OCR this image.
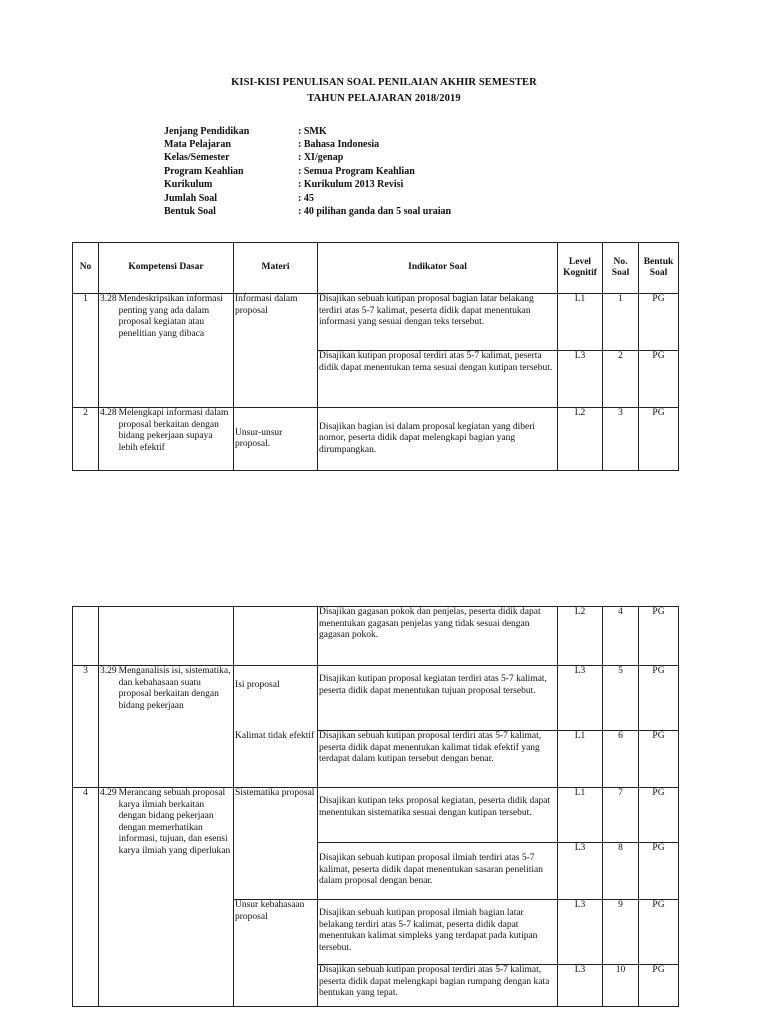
KISI-KISI PENULISAN SOAL PENILAIAN AKHIR SEMESTER
TAHUN PELAJARAN 2018/2019
Jenjang Pendidikan	: SMK
Mata Pelajaran	: Bahasa Indonesia
Kelas/Semester	: XI/genap
Program Keahlian	: Semua Program Keahlian
Kurikulum	: Kurikulum 2013 Revisi
Jumlah Soal	: 45
Bentuk Soal	: 40 pilihan ganda dan 5 soal uraian
No	Kompetensi Dasar	Materi	Indikator Soal	Level Kognitif	No. Soal	Bentuk Soal
1	3.28 Mendeskripsikan informasi penting yang ada dalam proposal kegiatan atau penelitian yang dibaca	Informasi dalam proposal	Disajikan sebuah kutipan proposal bagian latar belakang terdiri atas 5-7 kalimat, peserta didik dapat menentukan informasi yang sesuai dengan teks tersebut.	L1	1	PG
			Disajikan kutipan proposal terdiri atas 5-7 kalimat, peserta didik dapat menentukan tema sesuai dengan kutipan tersebut.	L3	2	PG
2	4.28 Melengkapi informasi dalam proposal berkaitan dengan bidang pekerjaan supaya lebih efektif	Unsur-unsur proposal.	Disajikan bagian isi dalam proposal kegiatan yang diberi nomor, peserta didik dapat melengkapi bagian yang dirumpangkan.	L2	3	PG
			Disajikan gagasan pokok dan penjelas, peserta didik dapat menentukan gagasan penjelas yang tidak sesuai dengan gagasan pokok.	L2	4	PG
3	3.29 Menganalisis isi, sistematika, dan kebahasaan suatu proposal berkaitan dengan bidang pekerjaan	Isi proposal	Disajikan kutipan proposal kegiatan terdiri atas 5-7 kalimat, peserta didik dapat menentukan tujuan proposal tersebut.	L3	5	PG
		Kalimat tidak efektif	Disajikan sebuah kutipan proposal terdiri atas 5-7 kalimat, peserta didik dapat menentukan kalimat tidak efektif yang terdapat dalam kutipan tersebut dengan benar.	L1	6	PG
4	4.29 Merancang sebuah proposal karya ilmiah berkaitan dengan bidang pekerjaan dengan memerhatikan informasi, tujuan, dan esensi karya ilmiah yang diperlukan	Sistematika proposal	Disajikan kutipan teks proposal kegiatan, peserta didik dapat menentukan sistematika sesuai dengan kutipan tersebut.	L1	7	PG
			Disajikan sebuah kutipan proposal ilmiah terdiri atas 5-7 kalimat, peserta didik dapat menentukan sasaran penelitian dalam proposal dengan benar.	L3	8	PG
		Unsur kebahasaan proposal	Disajikan sebuah kutipan proposal ilmiah bagian latar belakang terdiri atas 5-7 kalimat, peserta didik dapat menentukan kalimat simpleks yang terdapat pada kutipan tersebut.	L3	9	PG
			Disajikan sebuah kutipan proposal terdiri atas 5-7 kalimat, peserta didik dapat melengkapi bagian rumpang dengan kata bentukan yang tepat.	L3	10	PG
